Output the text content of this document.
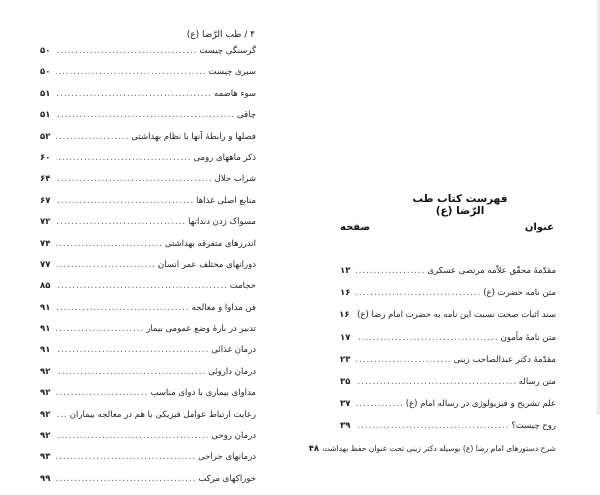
۴ / طب الرّضا (ع)
گرسنگی چیست
.....
۵۰
سیری چیست
.....
۵۰
سوء هاضمه
.....
۵۱
چاقی
.....
۵۱
فصلها و رابطهٔ آنها با نظام بهداشتی
.....
۵۲
ذکر ماههای رومی
.....
۶۰
شراب حلال
.....
۶۴
منابع اصلی غذاها
.....
۶۷
مسواک زدن دندانها
.....
۷۲
اندرزهای متفرقه بهداشتی
.....
۷۴
دورانهای مختلف عمر انسان
.....
۷۷
حجامت
.....
۸۵
فن مداوا و معالجه
.....
۹۱
تدبیر در بارهٔ وضع عمومی بیمار
.....
۹۱
درمان غذائی
.....
۹۱
درمان داروئی
.....
۹۲
مداوای بیماری با دوای مناسب
.....
۹۲
رعایت ارتباط عوامل فیزیکی با هم در معالجه بیماران
.....
۹۲
درمان روحی
.....
۹۲
درمانهای جراحی
.....
۹۳
خوراکهای مرکب
.....
۹۹
فهرست کتاب طب الرّضا (ع)
عنوان
صفحه
مقدّمهٔ محقّق علاّمه مرتضی عسکری
.....
۱۳
متن نامه حضرت (ع)
.....
۱۶
سند اثبات صحت نسبت این نامه به حضرت امام رضا (ع)
۱۶
متن نامهٔ مأمون
.....
۱۷
مقدّمهٔ دکتر عبدالصاحب زینی
.....
۲۳
متن رساله
.....
۳۵
علم تشریح و فیزیولوژی در رساله امام (ع)
.....
۳۷
روح چیست؟
.....
۳۹
شرح دستورهای امام رضا (ع) بوسیله دکتر زینی تحت عنوان حفظ بهداشت
۴۸
